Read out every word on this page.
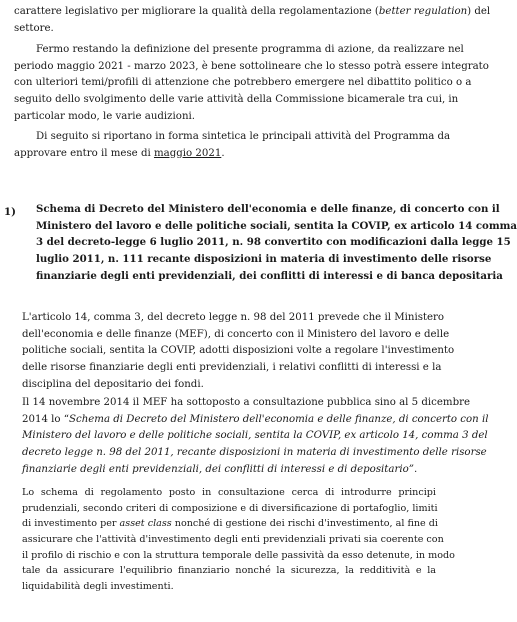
carattere legislativo per migliorare la qualità della regolamentazione (better regulation) del
settore.
Fermo restando la definizione del presente programma di azione, da realizzare nel
periodo maggio 2021 - marzo 2023, è bene sottolineare che lo stesso potrà essere integrato
con ulteriori temi/profili di attenzione che potrebbero emergere nel dibattito politico o a
seguito dello svolgimento delle varie attività della Commissione bicamerale tra cui, in
particolar modo, le varie audizioni.
Di seguito si riportano in forma sintetica le principali attività del Programma da
approvare entro il mese di maggio 2021.
1) Schema di Decreto del Ministero dell'economia e delle finanze, di concerto con il
Ministero del lavoro e delle politiche sociali, sentita la COVIP, ex articolo 14 comma
3 del decreto-legge 6 luglio 2011, n. 98 convertito con modificazioni dalla legge 15
luglio 2011, n. 111 recante disposizioni in materia di investimento delle risorse
finanziarie degli enti previdenziali, dei conflitti di interessi e di banca depositaria
L'articolo 14, comma 3, del decreto legge n. 98 del 2011 prevede che il Ministero
dell'economia e delle finanze (MEF), di concerto con il Ministero del lavoro e delle
politiche sociali, sentita la COVIP, adotti disposizioni volte a regolare l'investimento
delle risorse finanziarie degli enti previdenziali, i relativi conflitti di interessi e la
disciplina del depositario dei fondi.
Il 14 novembre 2014 il MEF ha sottoposto a consultazione pubblica sino al 5 dicembre
2014 lo “Schema di Decreto del Ministero dell'economia e delle finanze, di concerto con il
Ministero del lavoro e delle politiche sociali, sentita la COVIP, ex articolo 14, comma 3 del
decreto legge n. 98 del 2011, recante disposizioni in materia di investimento delle risorse
finanziarie degli enti previdenziali, dei conflitti di interessi e di depositario”.
Lo schema di regolamento posto in consultazione cerca di introdurre principi
prudenziali, secondo criteri di composizione e di diversificazione di portafoglio, limiti
di investimento per asset class nonché di gestione dei rischi d'investimento, al fine di
assicurare che l'attività d'investimento degli enti previdenziali privati sia coerente con
il profilo di rischio e con la struttura temporale delle passività da esso detenute, in modo
tale da assicurare l'equilibrio finanziario nonché la sicurezza, la redditività e la
liquidabilità degli investimenti.
